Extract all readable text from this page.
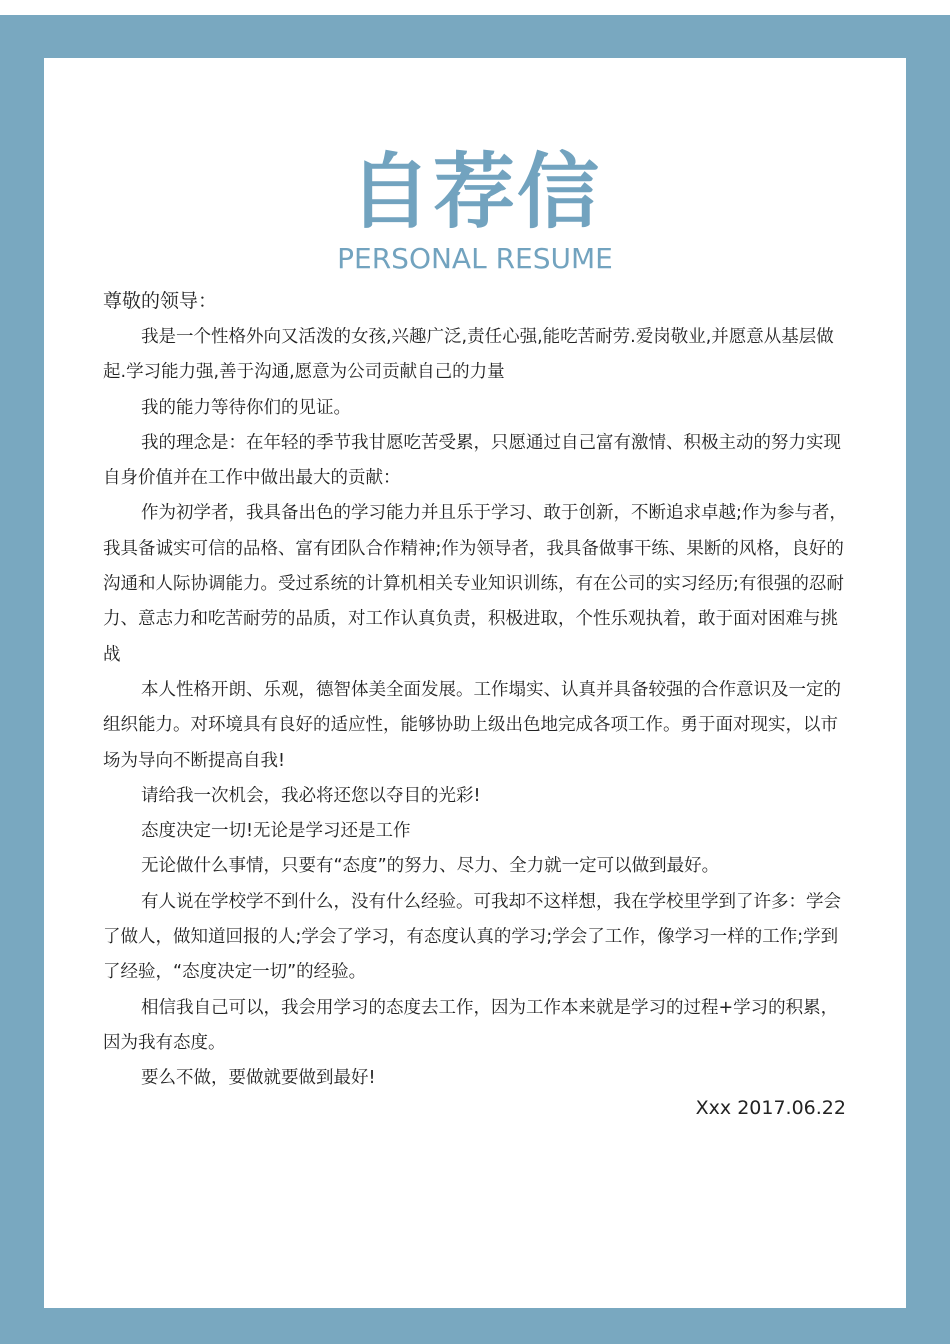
自荐信
PERSONAL RESUME
尊敬的领导：

我是一个性格外向又活泼的女孩,兴趣广泛,责任心强,能吃苦耐劳.爱岗敬业,并愿意从基层做起.学习能力强,善于沟通,愿意为公司贡献自己的力量

我的能力等待你们的见证。

我的理念是：在年轻的季节我甘愿吃苦受累，只愿通过自己富有激情、积极主动的努力实现自身价值并在工作中做出最大的贡献：

作为初学者，我具备出色的学习能力并且乐于学习、敢于创新，不断追求卓越;作为参与者，我具备诚实可信的品格、富有团队合作精神;作为领导者，我具备做事干练、果断的风格，良好的沟通和人际协调能力。受过系统的计算机相关专业知识训练，有在公司的实习经历;有很强的忍耐力、意志力和吃苦耐劳的品质，对工作认真负责，积极进取，个性乐观执着，敢于面对困难与挑战

本人性格开朗、乐观，德智体美全面发展。工作塌实、认真并具备较强的合作意识及一定的组织能力。对环境具有良好的适应性，能够协助上级出色地完成各项工作。勇于面对现实，以市场为导向不断提高自我!

请给我一次机会，我必将还您以夺目的光彩!

态度决定一切!无论是学习还是工作

无论做什么事情，只要有“态度”的努力、尽力、全力就一定可以做到最好。

有人说在学校学不到什么，没有什么经验。可我却不这样想，我在学校里学到了许多：学会了做人，做知道回报的人;学会了学习，有态度认真的学习;学会了工作，像学习一样的工作;学到了经验，“态度决定一切”的经验。

相信我自己可以，我会用学习的态度去工作，因为工作本来就是学习的过程+学习的积累，因为我有态度。

要么不做，要做就要做到最好!

Xxx 2017.06.22
